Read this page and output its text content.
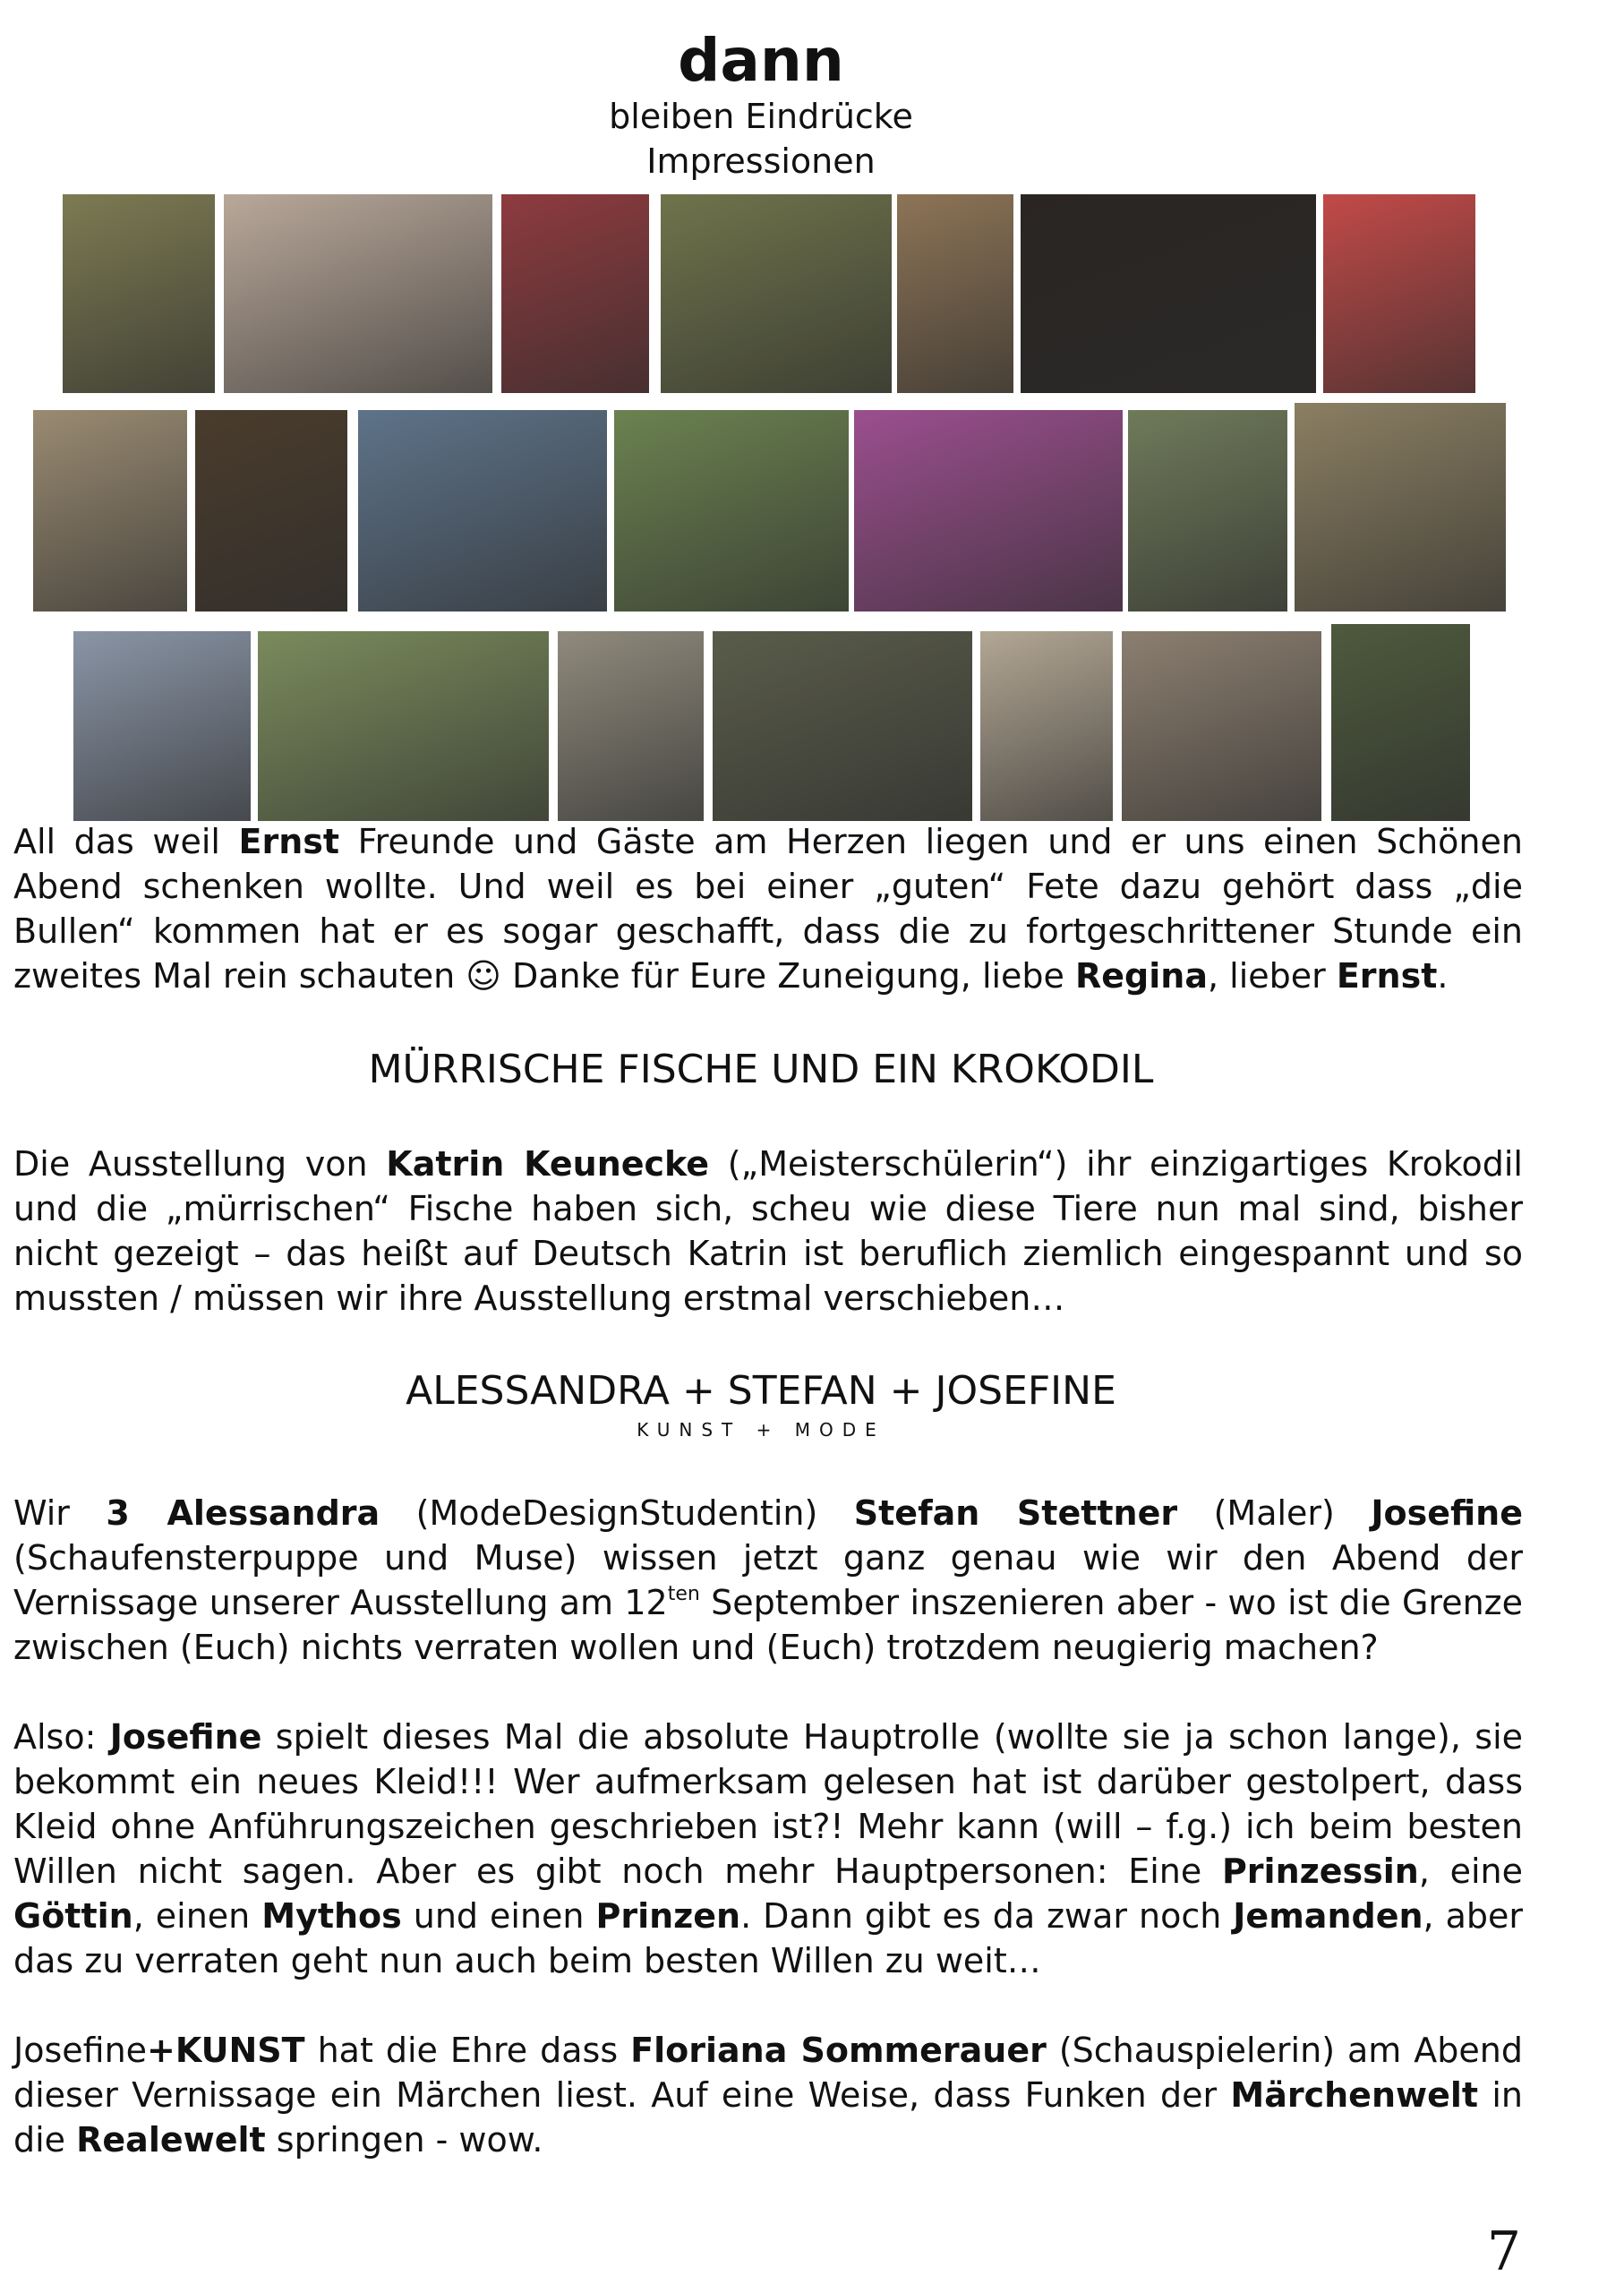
dann
bleiben Eindrücke
Impressionen

All das weil Ernst Freunde und Gäste am Herzen liegen und er uns einen Schönen Abend schenken wollte. Und weil es bei einer „guten“ Fete dazu gehört dass „die Bullen“ kommen hat er es sogar geschafft, dass die zu fortgeschrittener Stunde ein zweites Mal rein schauten ☺ Danke für Eure Zuneigung, liebe Regina, lieber Ernst.

MÜRRISCHE FISCHE UND EIN KROKODIL

Die Ausstellung von Katrin Keunecke („Meisterschülerin“) ihr einzigartiges Krokodil und die „mürrischen“ Fische haben sich, scheu wie diese Tiere nun mal sind, bisher nicht gezeigt – das heißt auf Deutsch Katrin ist beruflich ziemlich eingespannt und so mussten / müssen wir ihre Ausstellung erstmal verschieben…

ALESSANDRA + STEFAN + JOSEFINE
KUNST + MODE

Wir 3 Alessandra (ModeDesignStudentin) Stefan Stettner (Maler) Josefine (Schaufensterpuppe und Muse) wissen jetzt ganz genau wie wir den Abend der Vernissage unserer Ausstellung am $12^{ten}$ September inszenieren aber - wo ist die Grenze zwischen (Euch) nichts verraten wollen und (Euch) trotzdem neugierig machen?

Also: Josefine spielt dieses Mal die absolute Hauptrolle (wollte sie ja schon lange), sie bekommt ein neues Kleid!!! Wer aufmerksam gelesen hat ist darüber gestolpert, dass Kleid ohne Anführungszeichen geschrieben ist?! Mehr kann (will – f.g.) ich beim besten Willen nicht sagen. Aber es gibt noch mehr Hauptpersonen: Eine Prinzessin, eine Göttin, einen Mythos und einen Prinzen. Dann gibt es da zwar noch Jemanden, aber das zu verraten geht nun auch beim besten Willen zu weit…

Josefine+KUNST hat die Ehre dass Floriana Sommerauer (Schauspielerin) am Abend dieser Vernissage ein Märchen liest. Auf eine Weise, dass Funken der Märchenwelt in die Realewelt springen - wow.

7
